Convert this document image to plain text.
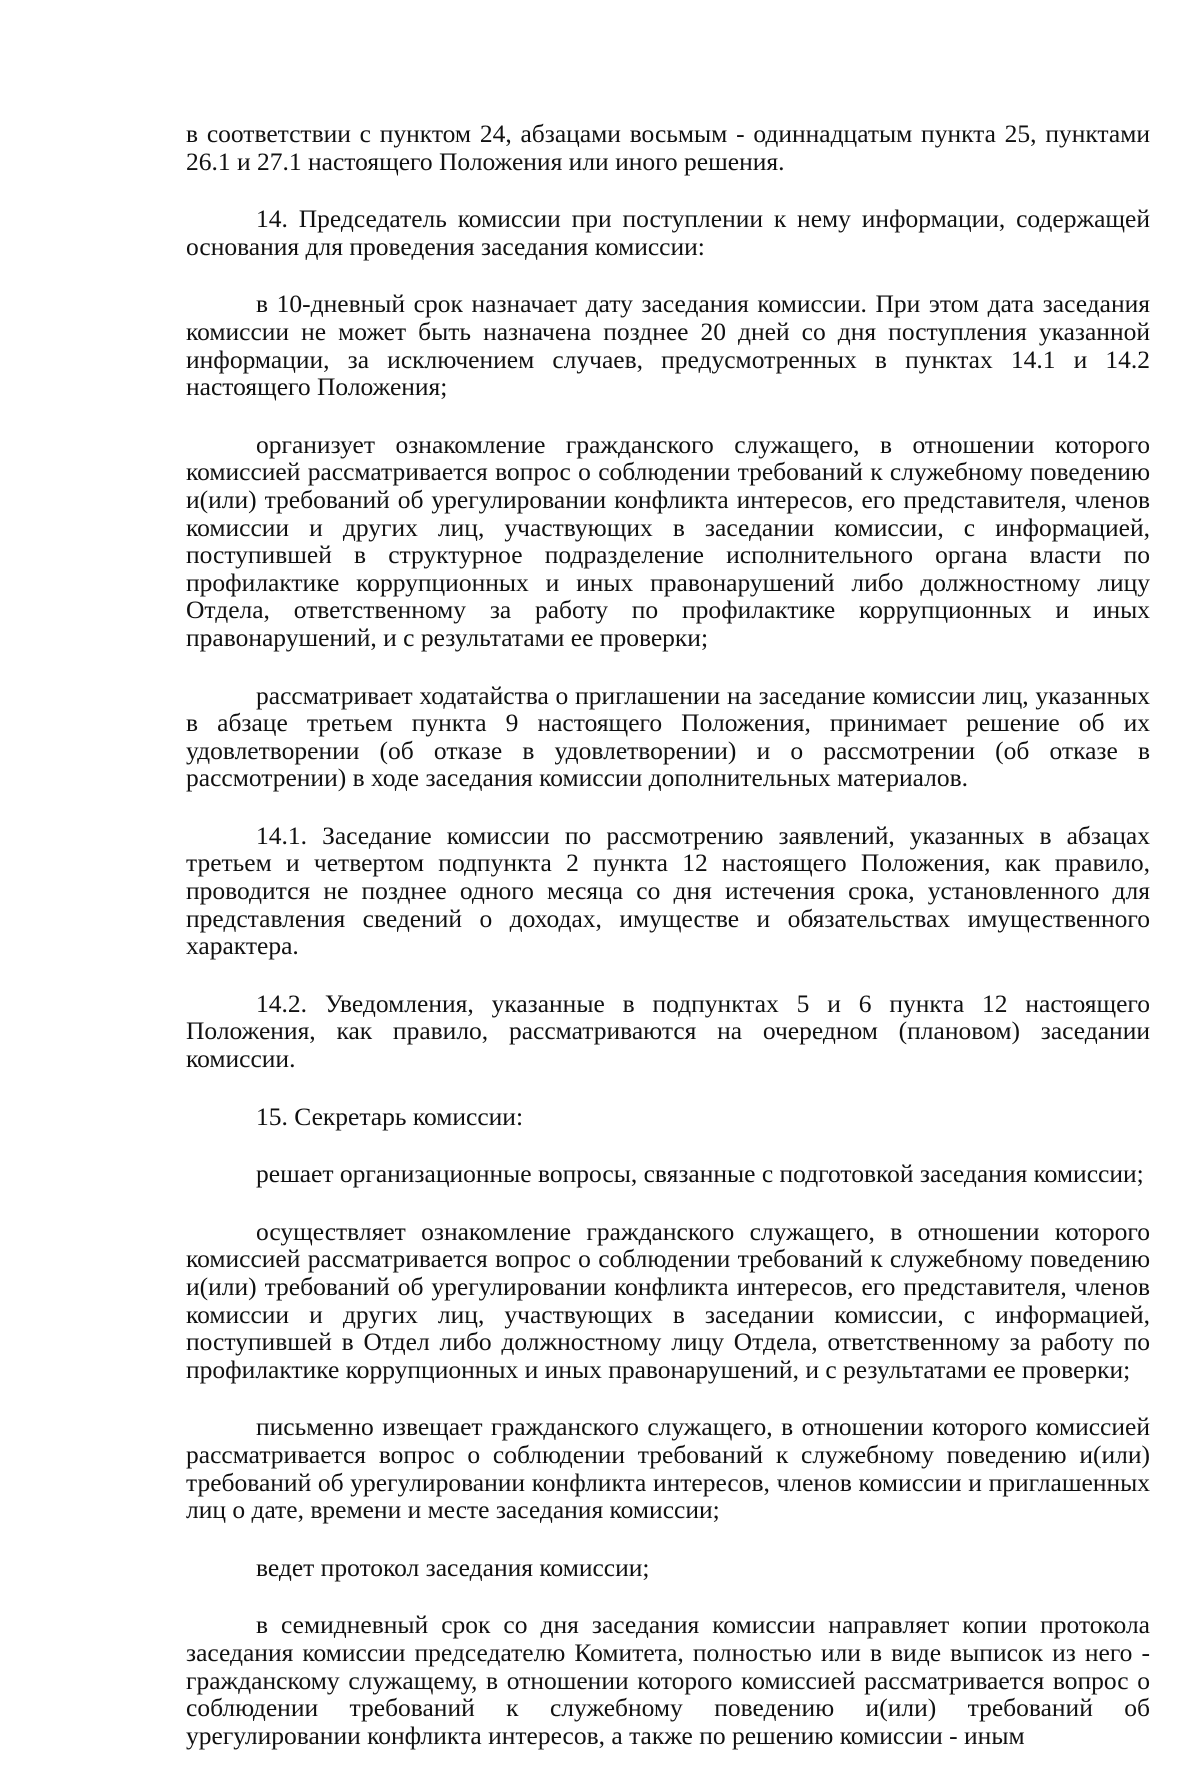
в соответствии с пунктом 24, абзацами восьмым - одиннадцатым пункта 25, пунктами 26.1 и 27.1 настоящего Положения или иного решения.

14. Председатель комиссии при поступлении к нему информации, содержащей основания для проведения заседания комиссии:

в 10-дневный срок назначает дату заседания комиссии. При этом дата заседания комиссии не может быть назначена позднее 20 дней со дня поступления указанной информации, за исключением случаев, предусмотренных в пунктах 14.1 и 14.2 настоящего Положения;

организует ознакомление гражданского служащего, в отношении которого комиссией рассматривается вопрос о соблюдении требований к служебному поведению и(или) требований об урегулировании конфликта интересов, его представителя, членов комиссии и других лиц, участвующих в заседании комиссии, с информацией, поступившей в структурное подразделение исполнительного органа власти по профилактике коррупционных и иных правонарушений либо должностному лицу Отдела, ответственному за работу по профилактике коррупционных и иных правонарушений, и с результатами ее проверки;

рассматривает ходатайства о приглашении на заседание комиссии лиц, указанных в абзаце третьем пункта 9 настоящего Положения, принимает решение об их удовлетворении (об отказе в удовлетворении) и о рассмотрении (об отказе в рассмотрении) в ходе заседания комиссии дополнительных материалов.

14.1. Заседание комиссии по рассмотрению заявлений, указанных в абзацах третьем и четвертом подпункта 2 пункта 12 настоящего Положения, как правило, проводится не позднее одного месяца со дня истечения срока, установленного для представления сведений о доходах, имуществе и обязательствах имущественного характера.

14.2. Уведомления, указанные в подпунктах 5 и 6 пункта 12 настоящего Положения, как правило, рассматриваются на очередном (плановом) заседании комиссии.

15. Секретарь комиссии:

решает организационные вопросы, связанные с подготовкой заседания комиссии;

осуществляет ознакомление гражданского служащего, в отношении которого комиссией рассматривается вопрос о соблюдении требований к служебному поведению и(или) требований об урегулировании конфликта интересов, его представителя, членов комиссии и других лиц, участвующих в заседании комиссии, с информацией, поступившей в Отдел либо должностному лицу Отдела, ответственному за работу по профилактике коррупционных и иных правонарушений, и с результатами ее проверки;

письменно извещает гражданского служащего, в отношении которого комиссией рассматривается вопрос о соблюдении требований к служебному поведению и(или) требований об урегулировании конфликта интересов, членов комиссии и приглашенных лиц о дате, времени и месте заседания комиссии;

ведет протокол заседания комиссии;

в семидневный срок со дня заседания комиссии направляет копии протокола заседания комиссии председателю Комитета, полностью или в виде выписок из него - гражданскому служащему, в отношении которого комиссией рассматривается вопрос о соблюдении требований к служебному поведению и(или) требований об урегулировании конфликта интересов, а также по решению комиссии - иным
